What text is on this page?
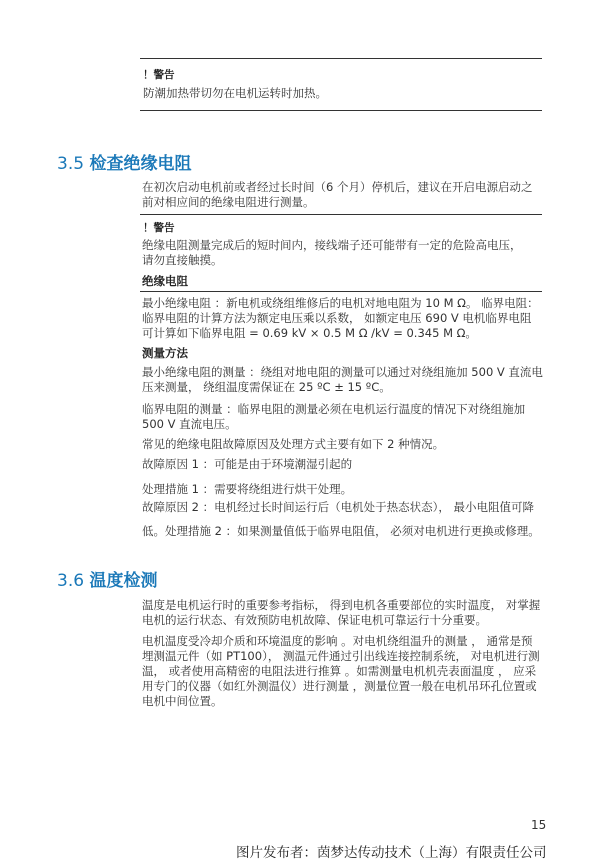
！警告
防潮加热带切勿在电机运转时加热。
3.5 检查绝缘电阻
在初次启动电机前或者经过长时间（6 个月）停机后，建议在开启电源启动之
前对相应间的绝缘电阻进行测量。
！警告
绝缘电阻测量完成后的短时间内，接线端子还可能带有一定的危险高电压，
请勿直接触摸。
绝缘电阻
最小绝缘电阻 ：新电机或绕组维修后的电机对地电阻为 10 M Ω。 临界电阻：
临界电阻的计算方法为额定电压乘以系数， 如额定电压 690 V 电机临界电阻
可计算如下临界电阻 = 0.69 kV × 0.5 M Ω /kV = 0.345 M Ω。
测量方法
最小绝缘电阻的测量 ：绕组对地电阻的测量可以通过对绕组施加 500 V 直流电
压来测量， 绕组温度需保证在 25 ºC ± 15 ºC。
临界电阻的测量 ：临界电阻的测量必须在电机运行温度的情况下对绕组施加
500 V 直流电压。
常见的绝缘电阻故障原因及处理方式主要有如下 2 种情况。
故障原因 1 ：可能是由于环境潮湿引起的
处理措施 1 ：需要将绕组进行烘干处理。
故障原因 2 ：电机经过长时间运行后（电机处于热态状态）， 最小电阻值可降
低。处理措施 2 ：如果测量值低于临界电阻值， 必须对电机进行更换或修理。
3.6 温度检测
温度是电机运行时的重要参考指标， 得到电机各重要部位的实时温度， 对掌握
电机的运行状态、有效预防电机故障、保证电机可靠运行十分重要。
电机温度受冷却介质和环境温度的影响 。对电机绕组温升的测量 ， 通常是预
埋测温元件（如 PT100）， 测温元件通过引出线连接控制系统， 对电机进行测
温， 或者使用高精密的电阻法进行推算 。如需测量电机机壳表面温度 ， 应采
用专门的仪器（如红外测温仪）进行测量 ，测量位置一般在电机吊环孔位置或
电机中间位置。
15
图片发布者：茵梦达传动技术（上海）有限责任公司
